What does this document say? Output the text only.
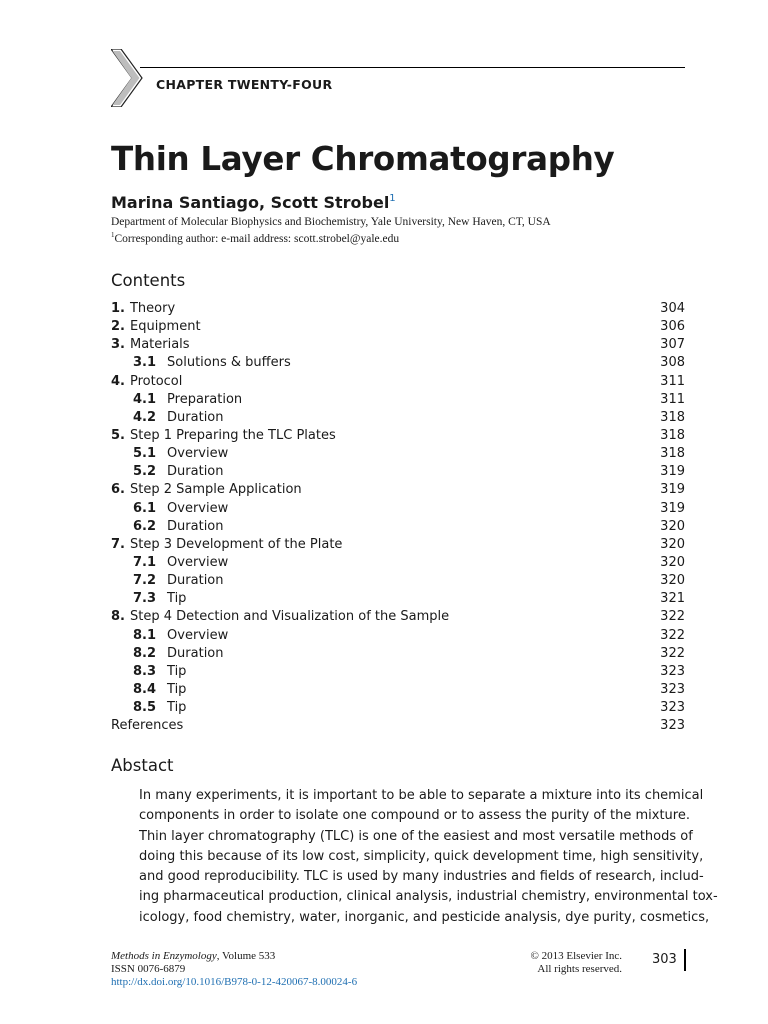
CHAPTER TWENTY-FOUR
Thin Layer Chromatography
Marina Santiago, Scott Strobel$^1$
Department of Molecular Biophysics and Biochemistry, Yale University, New Haven, CT, USA
$^1$Corresponding author: e-mail address: scott.strobel@yale.edu
Contents
1. Theory	304
2. Equipment	306
3. Materials	307
3.1 Solutions & buffers	308
4. Protocol	311
4.1 Preparation	311
4.2 Duration	318
5. Step 1 Preparing the TLC Plates	318
5.1 Overview	318
5.2 Duration	319
6. Step 2 Sample Application	319
6.1 Overview	319
6.2 Duration	320
7. Step 3 Development of the Plate	320
7.1 Overview	320
7.2 Duration	320
7.3 Tip	321
8. Step 4 Detection and Visualization of the Sample	322
8.1 Overview	322
8.2 Duration	322
8.3 Tip	323
8.4 Tip	323
8.5 Tip	323
References	323
Abstact
In many experiments, it is important to be able to separate a mixture into its chemical
components in order to isolate one compound or to assess the purity of the mixture.
Thin layer chromatography (TLC) is one of the easiest and most versatile methods of
doing this because of its low cost, simplicity, quick development time, high sensitivity,
and good reproducibility. TLC is used by many industries and fields of research, includ-
ing pharmaceutical production, clinical analysis, industrial chemistry, environmental tox-
icology, food chemistry, water, inorganic, and pesticide analysis, dye purity, cosmetics,
Methods in Enzymology, Volume 533
ISSN 0076-6879
http://dx.doi.org/10.1016/B978-0-12-420067-8.00024-6
© 2013 Elsevier Inc.
All rights reserved.
303
